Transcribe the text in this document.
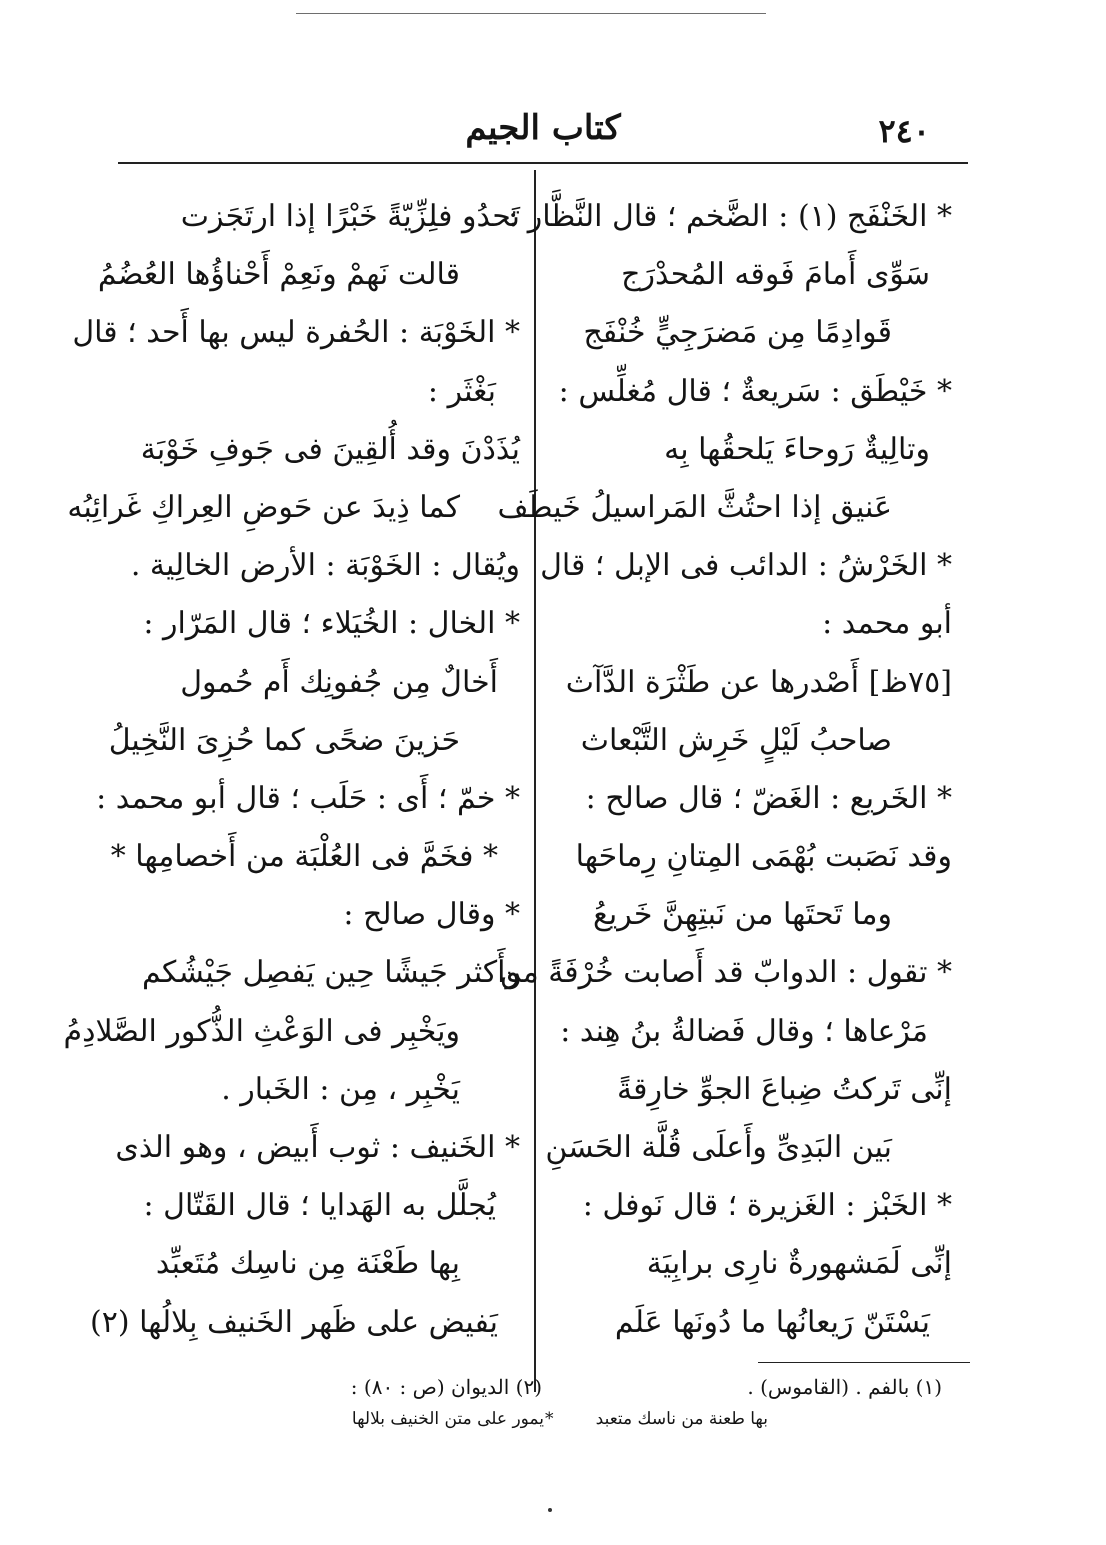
٢٤٠
كتاب الجيم
* الخَنْفَج (١) : الضَّخم ؛ قال النَّظَّار :
سَوِّى أَمامَ فَوقه المُحدْرَج
قَوادِمًا مِن مَضرَجِيٍّ خُنْفَج
* خَيْطَق : سَريعةٌ ؛ قال مُغلِّس :
وتالِيةٌ رَوحاءَ يَلحقُها بِه
عَنيق إذا احتُثَّ المَراسيلُ خَيطَف
* الخَرْشُ : الدائب فى الإبل ؛ قال
أبو محمد :
[٧٥ظ] أَصْدرها عن طَثْرَة الدَّآث
صاحبُ لَيْلٍ خَرِش التَّبْعاث
* الخَريع : الغَضّ ؛ قال صالح :
وقد نَصَبت بُهْمَى المِتانِ رِماحَها
وما تَحتَها من نَبتِهِنَّ خَريعُ
* تقول : الدوابّ قد أَصابت خُرْفَةً من
مَرْعاها ؛ وقال فَضالةُ بنُ هِند :
إنِّى تَركتُ ضِباعَ الجوِّ خارِقةً
بَين البَدِىِّ وأَعلَى قُلَّة الحَسَنِ
* الخَبْز : الغَزيرة ؛ قال نَوفل :
إنِّى لَمَشهورةٌ نارِى برابِيَة
يَسْتَنّ رَيعانُها ما دُونَها عَلَم
تَحدُو فلِزِّيّةً خَبْرًا إذا ارتَجَزت
قالت نَهمْ ونَعِمْ أَحْناؤُها العُضُمُ
* الخَوْبَة : الحُفرة ليس بها أَحد ؛ قال
بَغْثَر :
يُذَدْنَ وقد أُلقِينَ فى جَوفِ خَوْبَة
كما ذِيدَ عن حَوضِ العِراكِ غَرائِبُه
ويُقال : الخَوْبَة : الأرض الخالِية .
* الخال : الخُيَلاء ؛ قال المَرّار :
أَخالٌ مِن جُفونِك أَم حُمول
حَزينَ ضحًى كما حُزِىَ النَّخِيلُ
* خمّ ؛ أَى : حَلَب ؛ قال أبو محمد :
* فخَمَّ فى العُلْبَة من أَخصامِها *
* وقال صالح :
وأَكثر جَيشًا حِين يَفصِل جَيْشُكم
ويَخْبِر فى الوَعْثِ الذُّكور الصَّلادِمُ
يَخْبِر ، مِن : الخَبار .
* الخَنيف : ثوب أَبيض ، وهو الذى
يُجلَّل به الهَدايا ؛ قال القَتّال :
بِها طَعْنَة مِن ناسِك مُتَعبِّد
يَفيض على ظَهر الخَنيف بِلالُها (٢)
(١) بالفم . (القاموس) .
بها طعنة من ناسك متعبد
*
(٢) الديوان (ص : ٨٠) :
يمور على متن الخنيف بلالها
